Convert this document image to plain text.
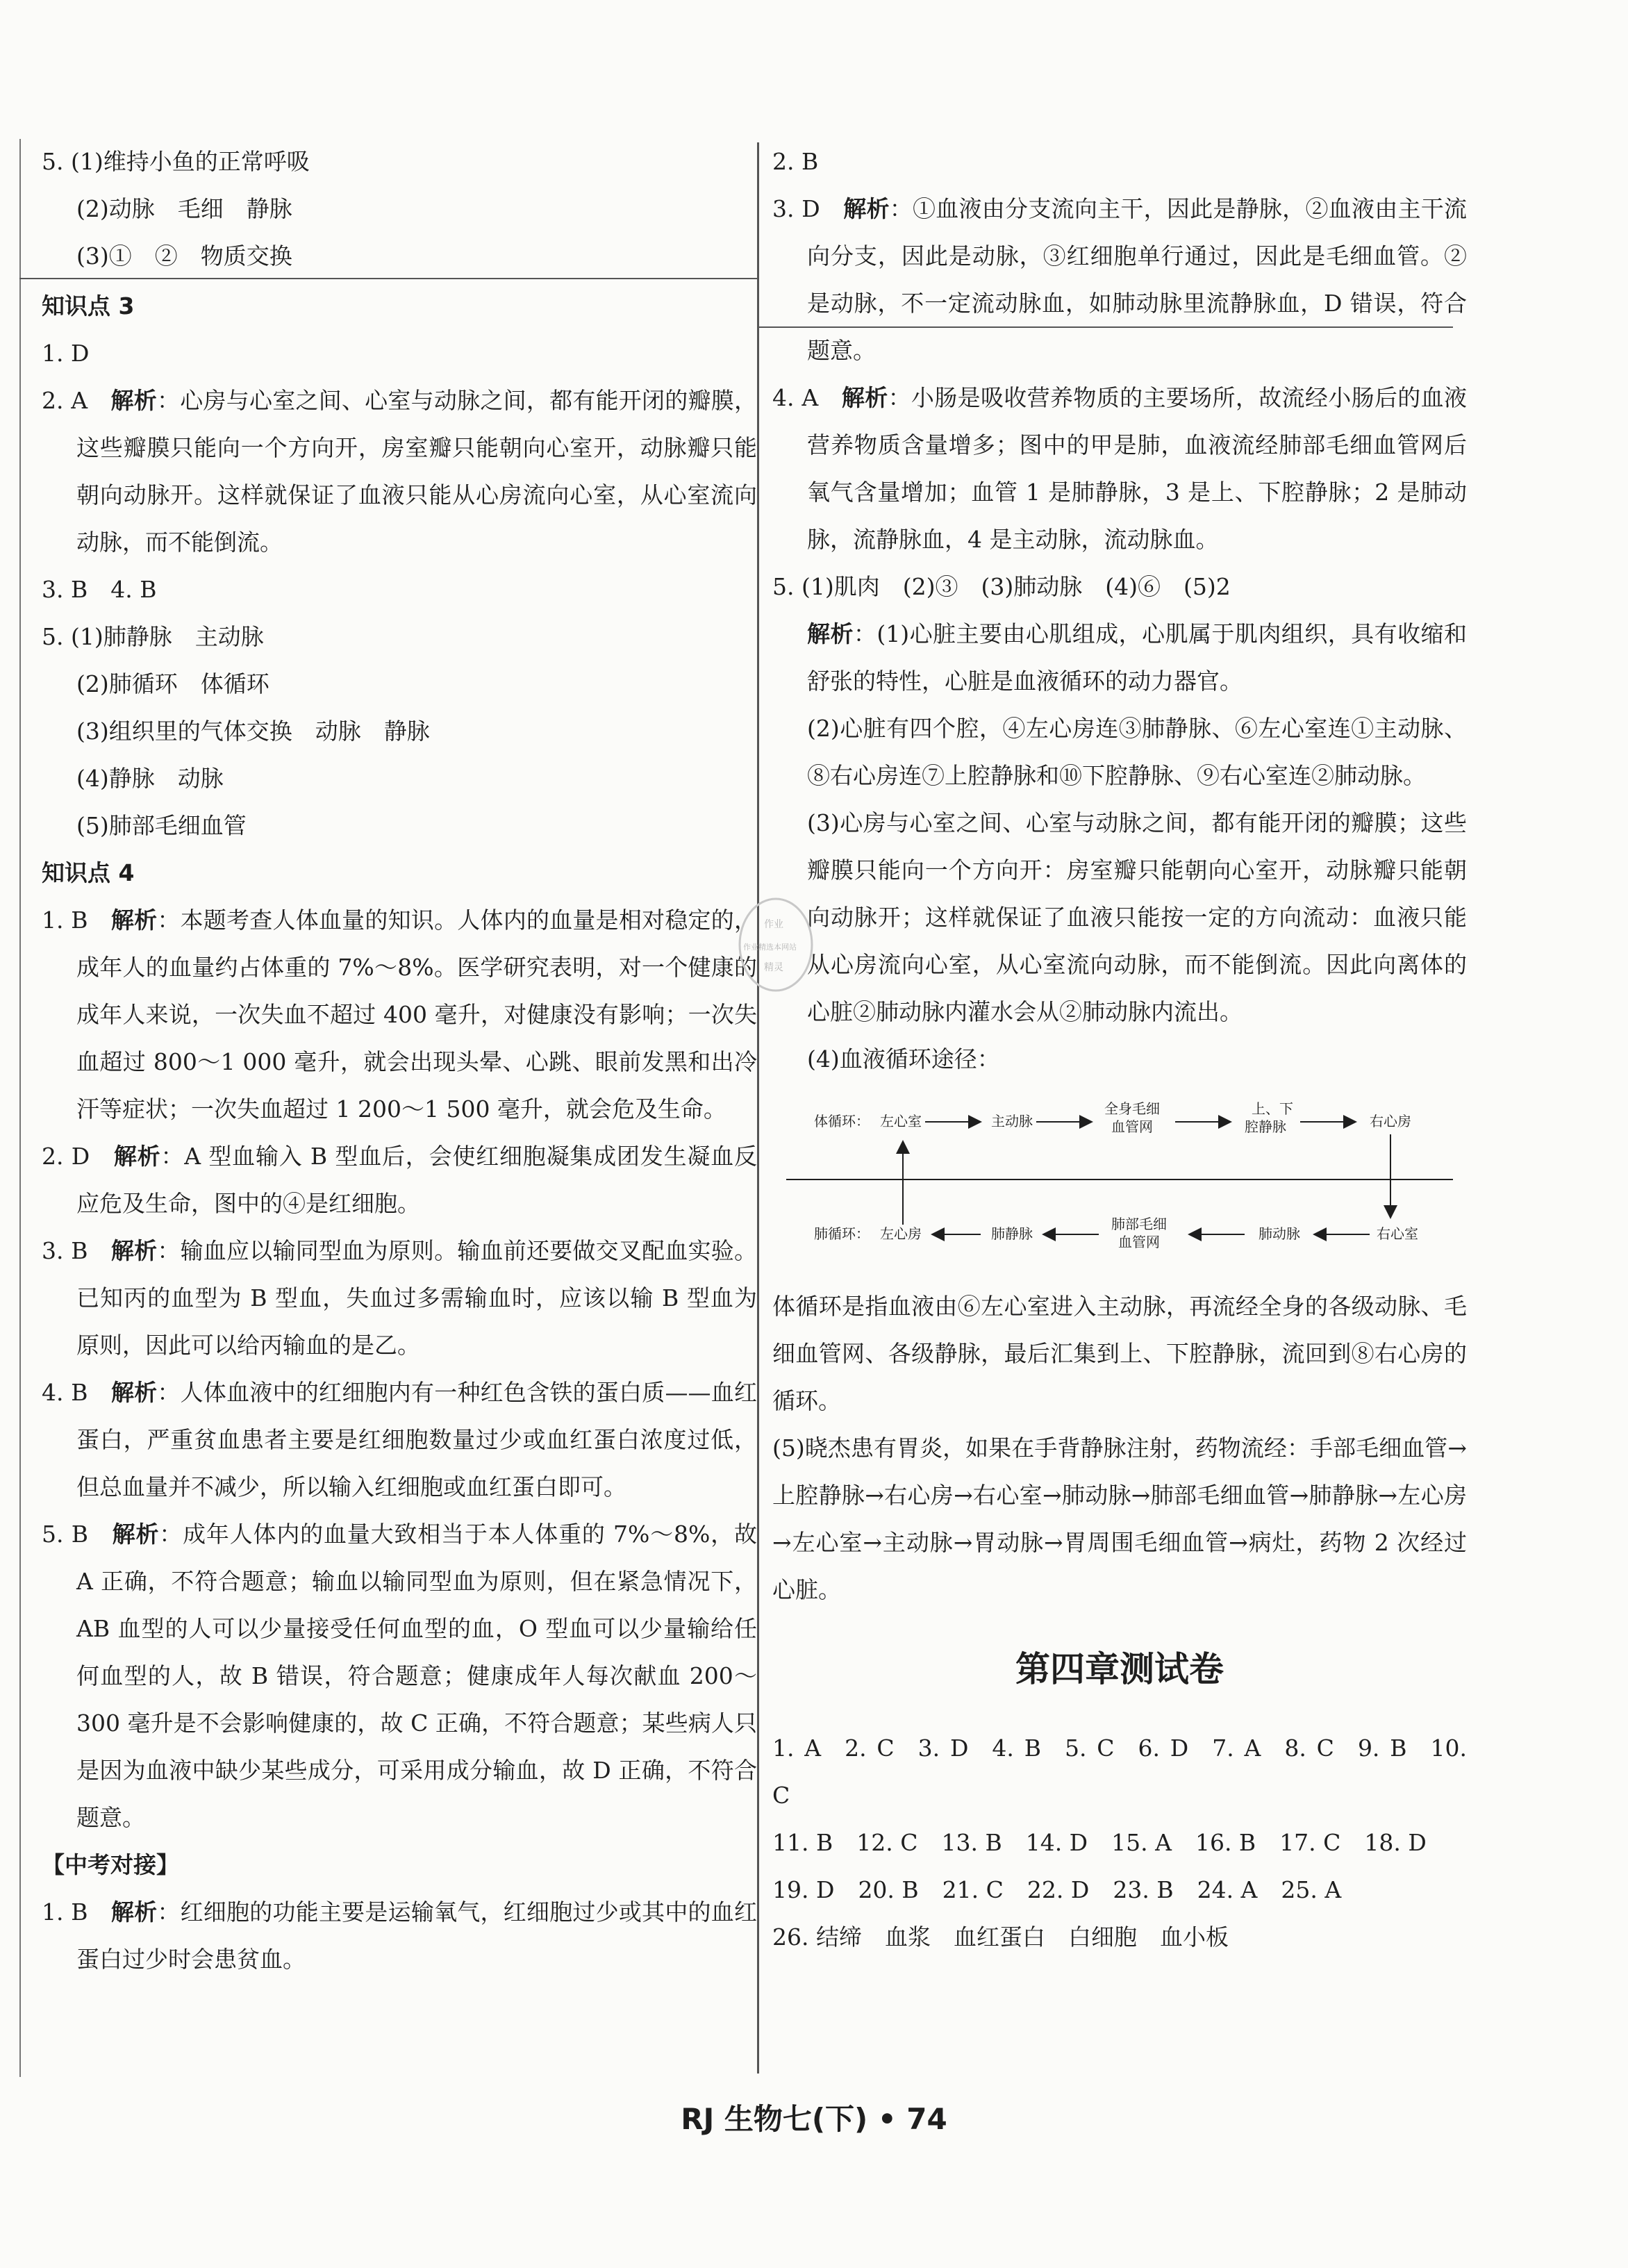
5. (1)维持小鱼的正常呼吸

(2)动脉　毛细　静脉

(3)①　②　物质交换

知识点 3

1. D

2. A　解析：心房与心室之间、心室与动脉之间，都有能开闭的瓣膜，这些瓣膜只能向一个方向开，房室瓣只能朝向心室开，动脉瓣只能朝向动脉开。这样就保证了血液只能从心房流向心室，从心室流向动脉，而不能倒流。

3. B　4. B

5. (1)肺静脉　主动脉

(2)肺循环　体循环

(3)组织里的气体交换　动脉　静脉

(4)静脉　动脉

(5)肺部毛细血管

知识点 4

1. B　解析：本题考查人体血量的知识。人体内的血量是相对稳定的，成年人的血量约占体重的 7%～8%。医学研究表明，对一个健康的成年人来说，一次失血不超过 400 毫升，对健康没有影响；一次失血超过 800～1 000 毫升，就会出现头晕、心跳、眼前发黑和出冷汗等症状；一次失血超过 1 200～1 500 毫升，就会危及生命。

2. D　解析：A 型血输入 B 型血后，会使红细胞凝集成团发生凝血反应危及生命，图中的④是红细胞。

3. B　解析：输血应以输同型血为原则。输血前还要做交叉配血实验。已知丙的血型为 B 型血，失血过多需输血时，应该以输 B 型血为原则，因此可以给丙输血的是乙。

4. B　解析：人体血液中的红细胞内有一种红色含铁的蛋白质——血红蛋白，严重贫血患者主要是红细胞数量过少或血红蛋白浓度过低，但总血量并不减少，所以输入红细胞或血红蛋白即可。

5. B　解析：成年人体内的血量大致相当于本人体重的 7%～8%，故 A 正确，不符合题意；输血以输同型血为原则，但在紧急情况下，AB 血型的人可以少量接受任何血型的血，O 型血可以少量输给任何血型的人，故 B 错误，符合题意；健康成年人每次献血 200～300 毫升是不会影响健康的，故 C 正确，不符合题意；某些病人只是因为血液中缺少某些成分，可采用成分输血，故 D 正确，不符合题意。

【中考对接】

1. B　解析：红细胞的功能主要是运输氧气，红细胞过少或其中的血红蛋白过少时会患贫血。

2. B

3. D　解析：①血液由分支流向主干，因此是静脉，②血液由主干流向分支，因此是动脉，③红细胞单行通过，因此是毛细血管。②是动脉，不一定流动脉血，如肺动脉里流静脉血，D 错误，符合题意。

4. A　解析：小肠是吸收营养物质的主要场所，故流经小肠后的血液营养物质含量增多；图中的甲是肺，血液流经肺部毛细血管网后氧气含量增加；血管 1 是肺静脉，3 是上、下腔静脉；2 是肺动脉，流静脉血，4 是主动脉，流动脉血。

5. (1)肌肉　(2)③　(3)肺动脉　(4)⑥　(5)2

解析：(1)心脏主要由心肌组成，心肌属于肌肉组织，具有收缩和舒张的特性，心脏是血液循环的动力器官。

(2)心脏有四个腔，④左心房连③肺静脉、⑥左心室连①主动脉、⑧右心房连⑦上腔静脉和⑩下腔静脉、⑨右心室连②肺动脉。

(3)心房与心室之间、心室与动脉之间，都有能开闭的瓣膜；这些瓣膜只能向一个方向开：房室瓣只能朝向心室开，动脉瓣只能朝向动脉开；这样就保证了血液只能按一定的方向流动：血液只能从心房流向心室，从心室流向动脉，而不能倒流。因此向离体的心脏②肺动脉内灌水会从②肺动脉内流出。

(4)血液循环途径：

体循环： 左心室	主动脉
全身毛细
血管网
上、下
腔静脉	右心房
肺循环： 左心房	肺静脉
肺部毛细
血管网	肺动脉	右心室

体循环是指血液由⑥左心室进入主动脉，再流经全身的各级动脉、毛细血管网、各级静脉，最后汇集到上、下腔静脉，流回到⑧右心房的循环。

(5)晓杰患有胃炎，如果在手背静脉注射，药物流经：手部毛细血管→上腔静脉→右心房→右心室→肺动脉→肺部毛细血管→肺静脉→左心房→左心室→主动脉→胃动脉→胃周围毛细血管→病灶，药物 2 次经过心脏。

第四章测试卷

1. A 2. C 3. D 4. B 5. C 6. D 7. A 8. C 9. B 10. C

11. B 12. C 13. B 14. D 15. A 16. B 17. C 18. D

19. D 20. B 21. C 22. D 23. B 24. A 25. A

26. 结缔　血浆　血红蛋白　白细胞　血小板

作业
作业精选本网站
精灵
RJ 生物七(下) • 74
